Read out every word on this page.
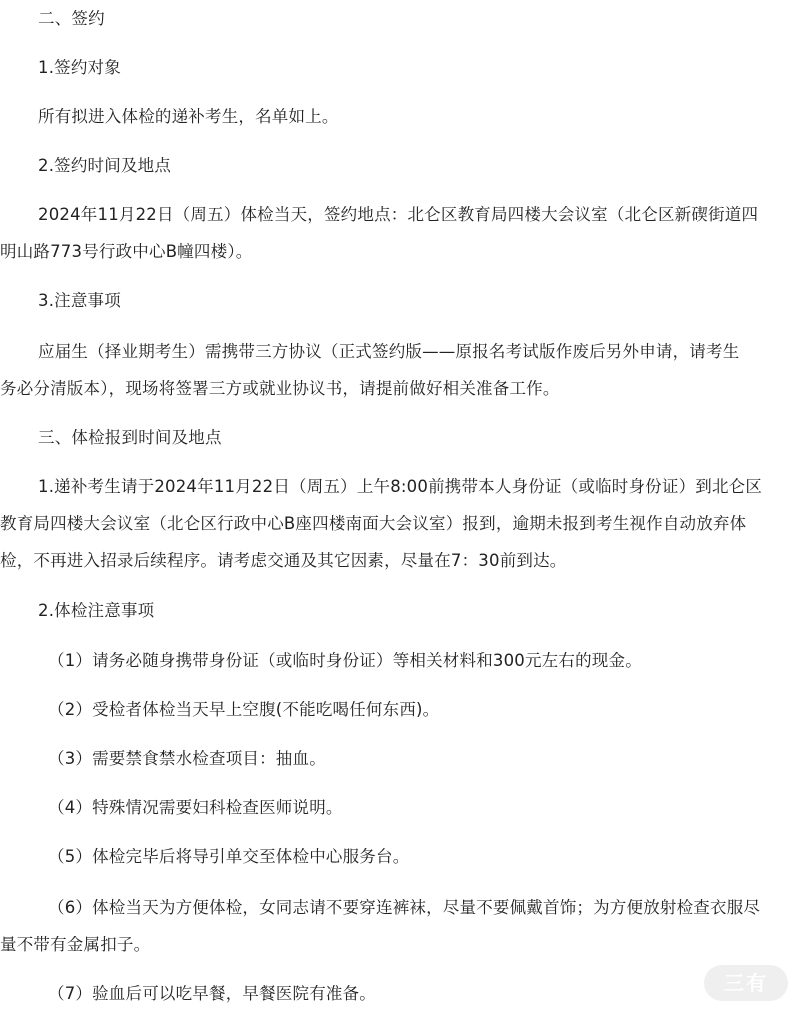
二、签约

1.签约对象

所有拟进入体检的递补考生，名单如上。

2.签约时间及地点

2024年11月22日（周五）体检当天，签约地点：北仑区教育局四楼大会议室（北仑区新碶街道四
明山路773号行政中心B幢四楼）。

3.注意事项

应届生（择业期考生）需携带三方协议（正式签约版——原报名考试版作废后另外申请，请考生
务必分清版本），现场将签署三方或就业协议书，请提前做好相关准备工作。

三、体检报到时间及地点

1.递补考生请于2024年11月22日（周五）上午8:00前携带本人身份证（或临时身份证）到北仑区
教育局四楼大会议室（北仑区行政中心B座四楼南面大会议室）报到，逾期未报到考生视作自动放弃体
检，不再进入招录后续程序。请考虑交通及其它因素，尽量在7：30前到达。

2.体检注意事项

（1）请务必随身携带身份证（或临时身份证）等相关材料和300元左右的现金。

（2）受检者体检当天早上空腹(不能吃喝任何东西)。

（3）需要禁食禁水检查项目：抽血。

（4）特殊情况需要妇科检查医师说明。

（5）体检完毕后将导引单交至体检中心服务台。

（6）体检当天为方便体检，女同志请不要穿连裤袜，尽量不要佩戴首饰；为方便放射检查衣服尽
量不带有金属扣子。

（7）验血后可以吃早餐，早餐医院有准备。	三有
